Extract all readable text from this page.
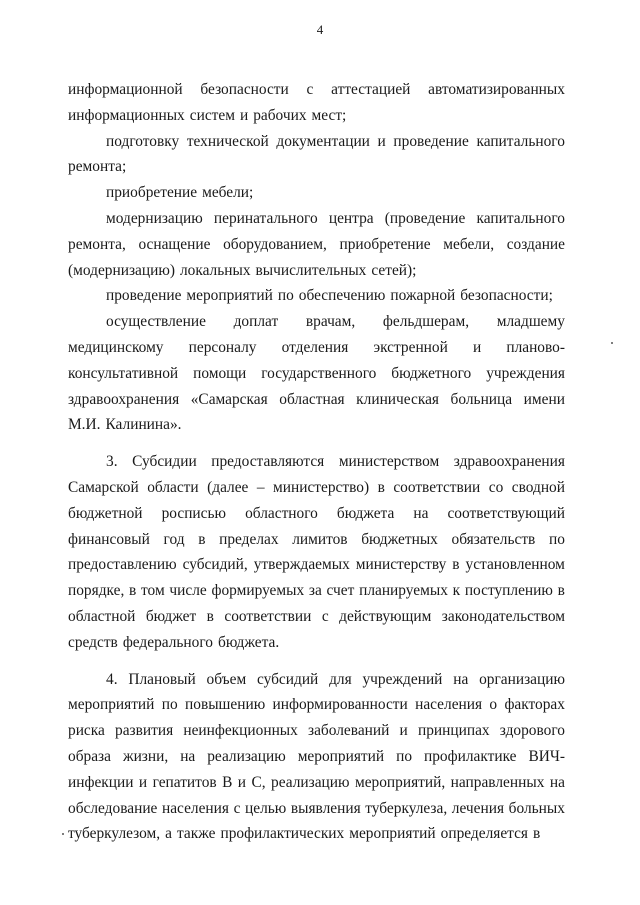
4
информационной безопасности с аттестацией автоматизированных
информационных систем и рабочих мест;
подготовку технической документации и проведение капитального
ремонта;
приобретение мебели;
модернизацию перинатального центра (проведение капитального
ремонта, оснащение оборудованием, приобретение мебели, создание
(модернизацию) локальных вычислительных сетей);
проведение мероприятий по обеспечению пожарной безопасности;
осуществление доплат врачам, фельдшерам, младшему
медицинскому персоналу отделения экстренной и планово-
консультативной помощи государственного бюджетного учреждения
здравоохранения «Самарская областная клиническая больница имени
М.И. Калинина».
3. Субсидии предоставляются министерством здравоохранения
Самарской области (далее – министерство) в соответствии со сводной
бюджетной росписью областного бюджета на соответствующий
финансовый год в пределах лимитов бюджетных обязательств по
предоставлению субсидий, утверждаемых министерству в установленном
порядке, в том числе формируемых за счет планируемых к поступлению в
областной бюджет в соответствии с действующим законодательством
средств федерального бюджета.
4. Плановый объем субсидий для учреждений на организацию
мероприятий по повышению информированности населения о факторах
риска развития неинфекционных заболеваний и принципах здорового
образа жизни, на реализацию мероприятий по профилактике ВИЧ-
инфекции и гепатитов В и С, реализацию мероприятий, направленных на
обследование населения с целью выявления туберкулеза, лечения больных
туберкулезом, а также профилактических мероприятий определяется в
